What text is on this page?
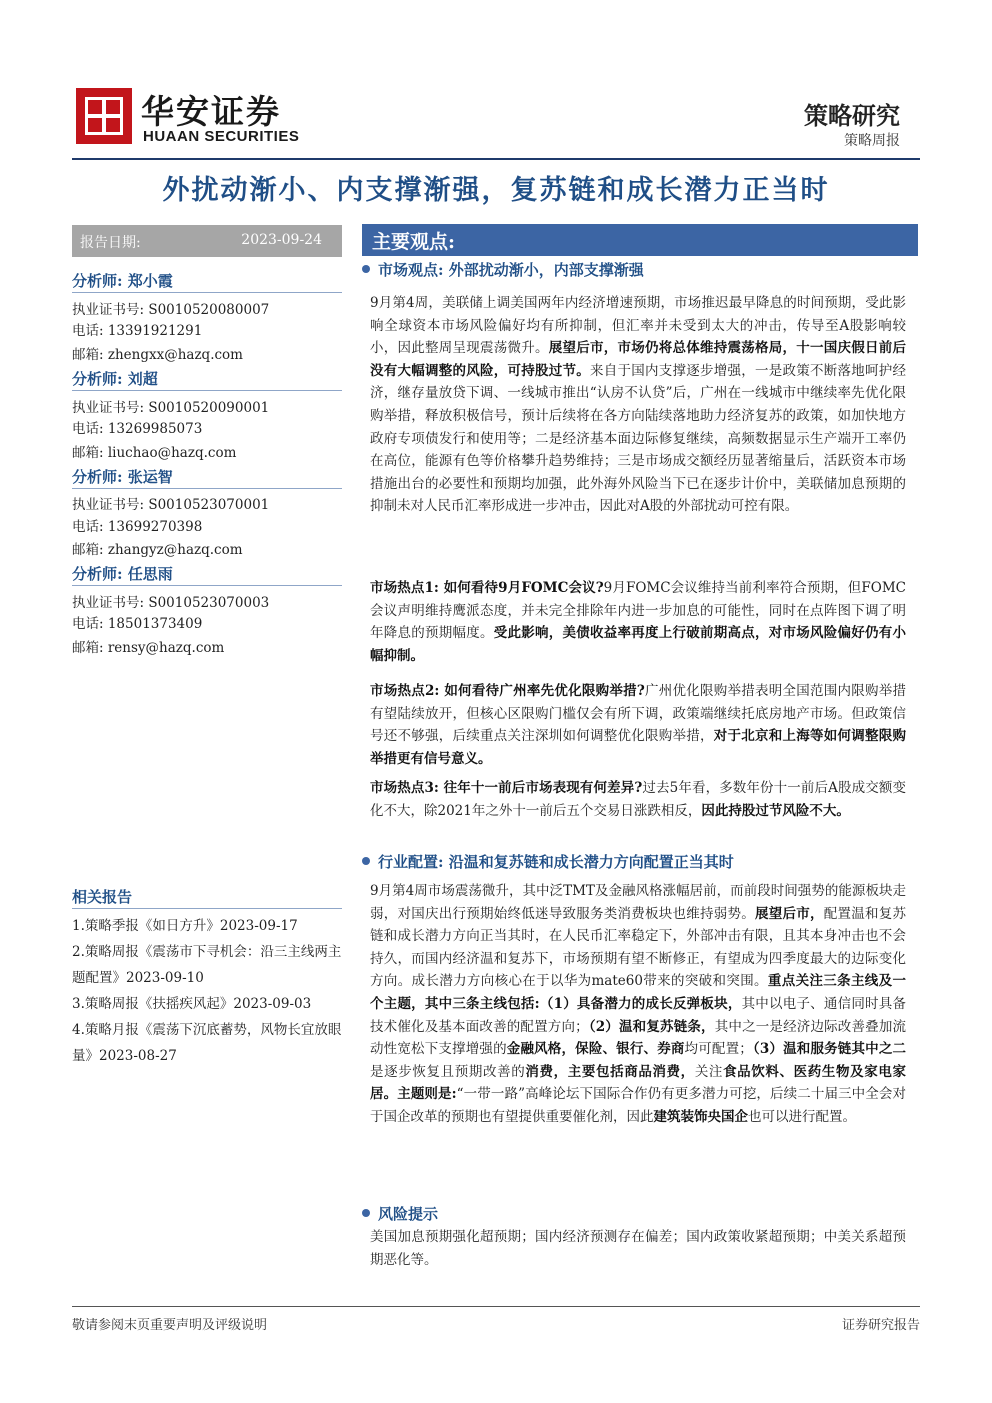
华安证券
HUAAN SECURITIES
策略研究
策略周报
外扰动渐小、内支撑渐强，复苏链和成长潜力正当时
报告日期:	2023-09-24
分析师: 郑小霞
执业证书号: S0010520080007
电话: 13391921291
邮箱: zhengxx@hazq.com
分析师: 刘超
执业证书号: S0010520090001
电话: 13269985073
邮箱: liuchao@hazq.com
分析师: 张运智
执业证书号: S0010523070001
电话: 13699270398
邮箱: zhangyz@hazq.com
分析师: 任思雨
执业证书号: S0010523070003
电话: 18501373409
邮箱: rensy@hazq.com
相关报告
1.策略季报《如日方升》2023-09-17
2.策略周报《震荡市下寻机会：沿三主线两主题配置》2023-09-10
3.策略周报《扶摇疾风起》2023-09-03
4.策略月报《震荡下沉底蓄势，风物长宜放眼量》2023-08-27
主要观点:
市场观点: 外部扰动渐小，内部支撑渐强
9月第4周，美联储上调美国两年内经济增速预期，市场推迟最早降息的时间预期，受此影响全球资本市场风险偏好均有所抑制，但汇率并未受到太大的冲击，传导至A股影响较小，因此整周呈现震荡微升。展望后市，市场仍将总体维持震荡格局，十一国庆假日前后没有大幅调整的风险，可持股过节。来自于国内支撑逐步增强，一是政策不断落地呵护经济，继存量放贷下调、一线城市推出“认房不认贷”后，广州在一线城市中继续率先优化限购举措，释放积极信号，预计后续将在各方向陆续落地助力经济复苏的政策，如加快地方政府专项债发行和使用等；二是经济基本面边际修复继续，高频数据显示生产端开工率仍在高位，能源有色等价格攀升趋势维持；三是市场成交额经历显著缩量后，活跃资本市场措施出台的必要性和预期均加强，此外海外风险当下已在逐步计价中，美联储加息预期的抑制未对人民币汇率形成进一步冲击，因此对A股的外部扰动可控有限。
市场热点1: 如何看待9月FOMC会议?9月FOMC会议维持当前利率符合预期，但FOMC会议声明维持鹰派态度，并未完全排除年内进一步加息的可能性，同时在点阵图下调了明年降息的预期幅度。受此影响，美债收益率再度上行破前期高点，对市场风险偏好仍有小幅抑制。
市场热点2: 如何看待广州率先优化限购举措?广州优化限购举措表明全国范围内限购举措有望陆续放开，但核心区限购门槛仅会有所下调，政策端继续托底房地产市场。但政策信号还不够强，后续重点关注深圳如何调整优化限购举措，对于北京和上海等如何调整限购举措更有信号意义。
市场热点3: 往年十一前后市场表现有何差异?过去5年看，多数年份十一前后A股成交额变化不大，除2021年之外十一前后五个交易日涨跌相反，因此持股过节风险不大。
行业配置: 沿温和复苏链和成长潜力方向配置正当其时
9月第4周市场震荡微升，其中泛TMT及金融风格涨幅居前，而前段时间强势的能源板块走弱，对国庆出行预期始终低迷导致服务类消费板块也维持弱势。展望后市，配置温和复苏链和成长潜力方向正当其时，在人民币汇率稳定下，外部冲击有限，且其本身冲击也不会持久，而国内经济温和复苏下，市场预期有望不断修正，有望成为四季度最大的边际变化方向。成长潜力方向核心在于以华为mate60带来的突破和突围。重点关注三条主线及一个主题，其中三条主线包括:（1）具备潜力的成长反弹板块，其中以电子、通信同时具备技术催化及基本面改善的配置方向；（2）温和复苏链条，其中之一是经济边际改善叠加流动性宽松下支撑增强的金融风格，保险、银行、券商均可配置；（3）温和服务链其中之二是逐步恢复且预期改善的消费，主要包括商品消费，关注食品饮料、医药生物及家电家居。主题则是:“一带一路”高峰论坛下国际合作仍有更多潜力可挖，后续二十届三中全会对于国企改革的预期也有望提供重要催化剂，因此建筑装饰央国企也可以进行配置。
风险提示
美国加息预期强化超预期；国内经济预测存在偏差；国内政策收紧超预期；中美关系超预期恶化等。
敬请参阅末页重要声明及评级说明	证券研究报告
